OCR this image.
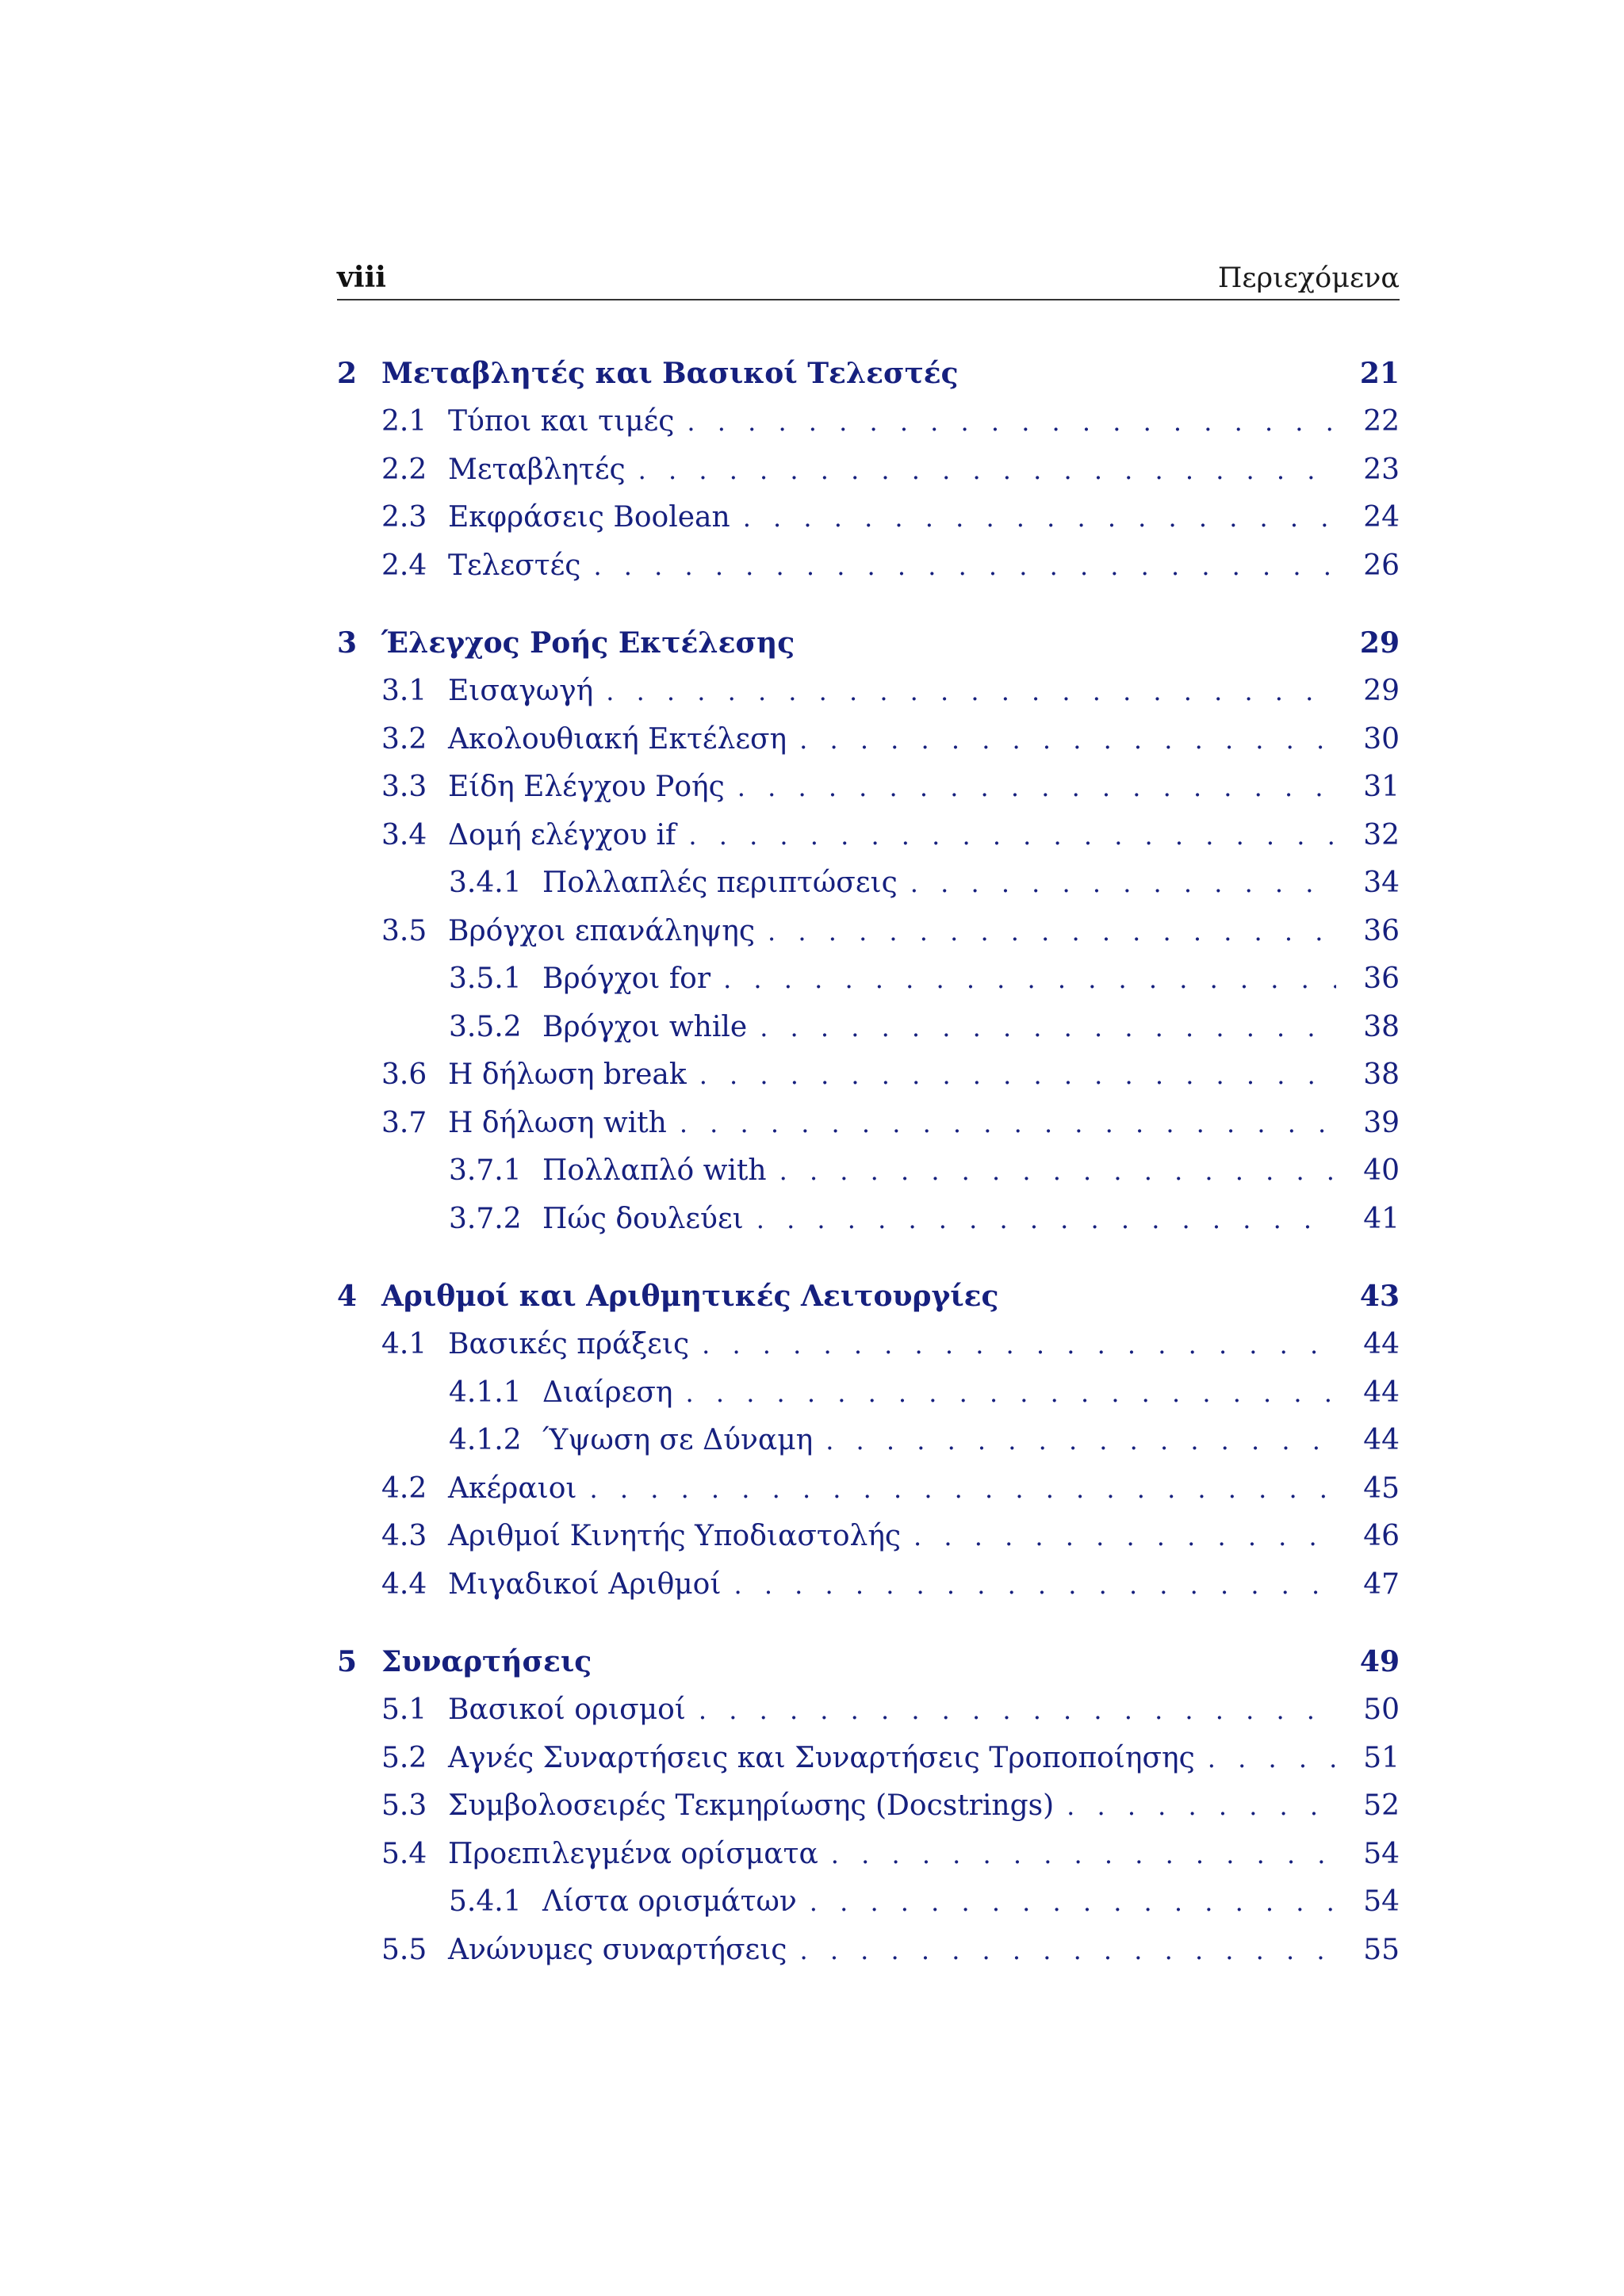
viii	Περιεχόμενα
2 Μεταβλητές και Βασικοί Τελεστές	21
2.1 Τύποι και τιμές . . .	22
2.2 Μεταβλητές . . .	23
2.3 Εκφράσεις Boolean . . .	24
2.4 Τελεστές . . .	26
3 Έλεγχος Ροής Εκτέλεσης	29
3.1 Εισαγωγή . . .	29
3.2 Ακολουθιακή Εκτέλεση . . .	30
3.3 Είδη Ελέγχου Ροής . . .	31
3.4 Δομή ελέγχου if . . .	32
3.4.1 Πολλαπλές περιπτώσεις . . .	34
3.5 Βρόγχοι επανάληψης . . .	36
3.5.1 Βρόγχοι for . . .	36
3.5.2 Βρόγχοι while . . .	38
3.6 Η δήλωση break . . .	38
3.7 Η δήλωση with . . .	39
3.7.1 Πολλαπλό with . . .	40
3.7.2 Πώς δουλεύει . . .	41
4 Αριθμοί και Αριθμητικές Λειτουργίες	43
4.1 Βασικές πράξεις . . .	44
4.1.1 Διαίρεση . . .	44
4.1.2 Ύψωση σε Δύναμη . . .	44
4.2 Ακέραιοι . . .	45
4.3 Αριθμοί Κινητής Υποδιαστολής . . .	46
4.4 Μιγαδικοί Αριθμοί . . .	47
5 Συναρτήσεις	49
5.1 Βασικοί ορισμοί . . .	50
5.2 Αγνές Συναρτήσεις και Συναρτήσεις Τροποποίησης . . .	51
5.3 Συμβολοσειρές Τεκμηρίωσης (Docstrings) . . .	52
5.4 Προεπιλεγμένα ορίσματα . . .	54
5.4.1 Λίστα ορισμάτων . . .	54
5.5 Ανώνυμες συναρτήσεις . . .	55
